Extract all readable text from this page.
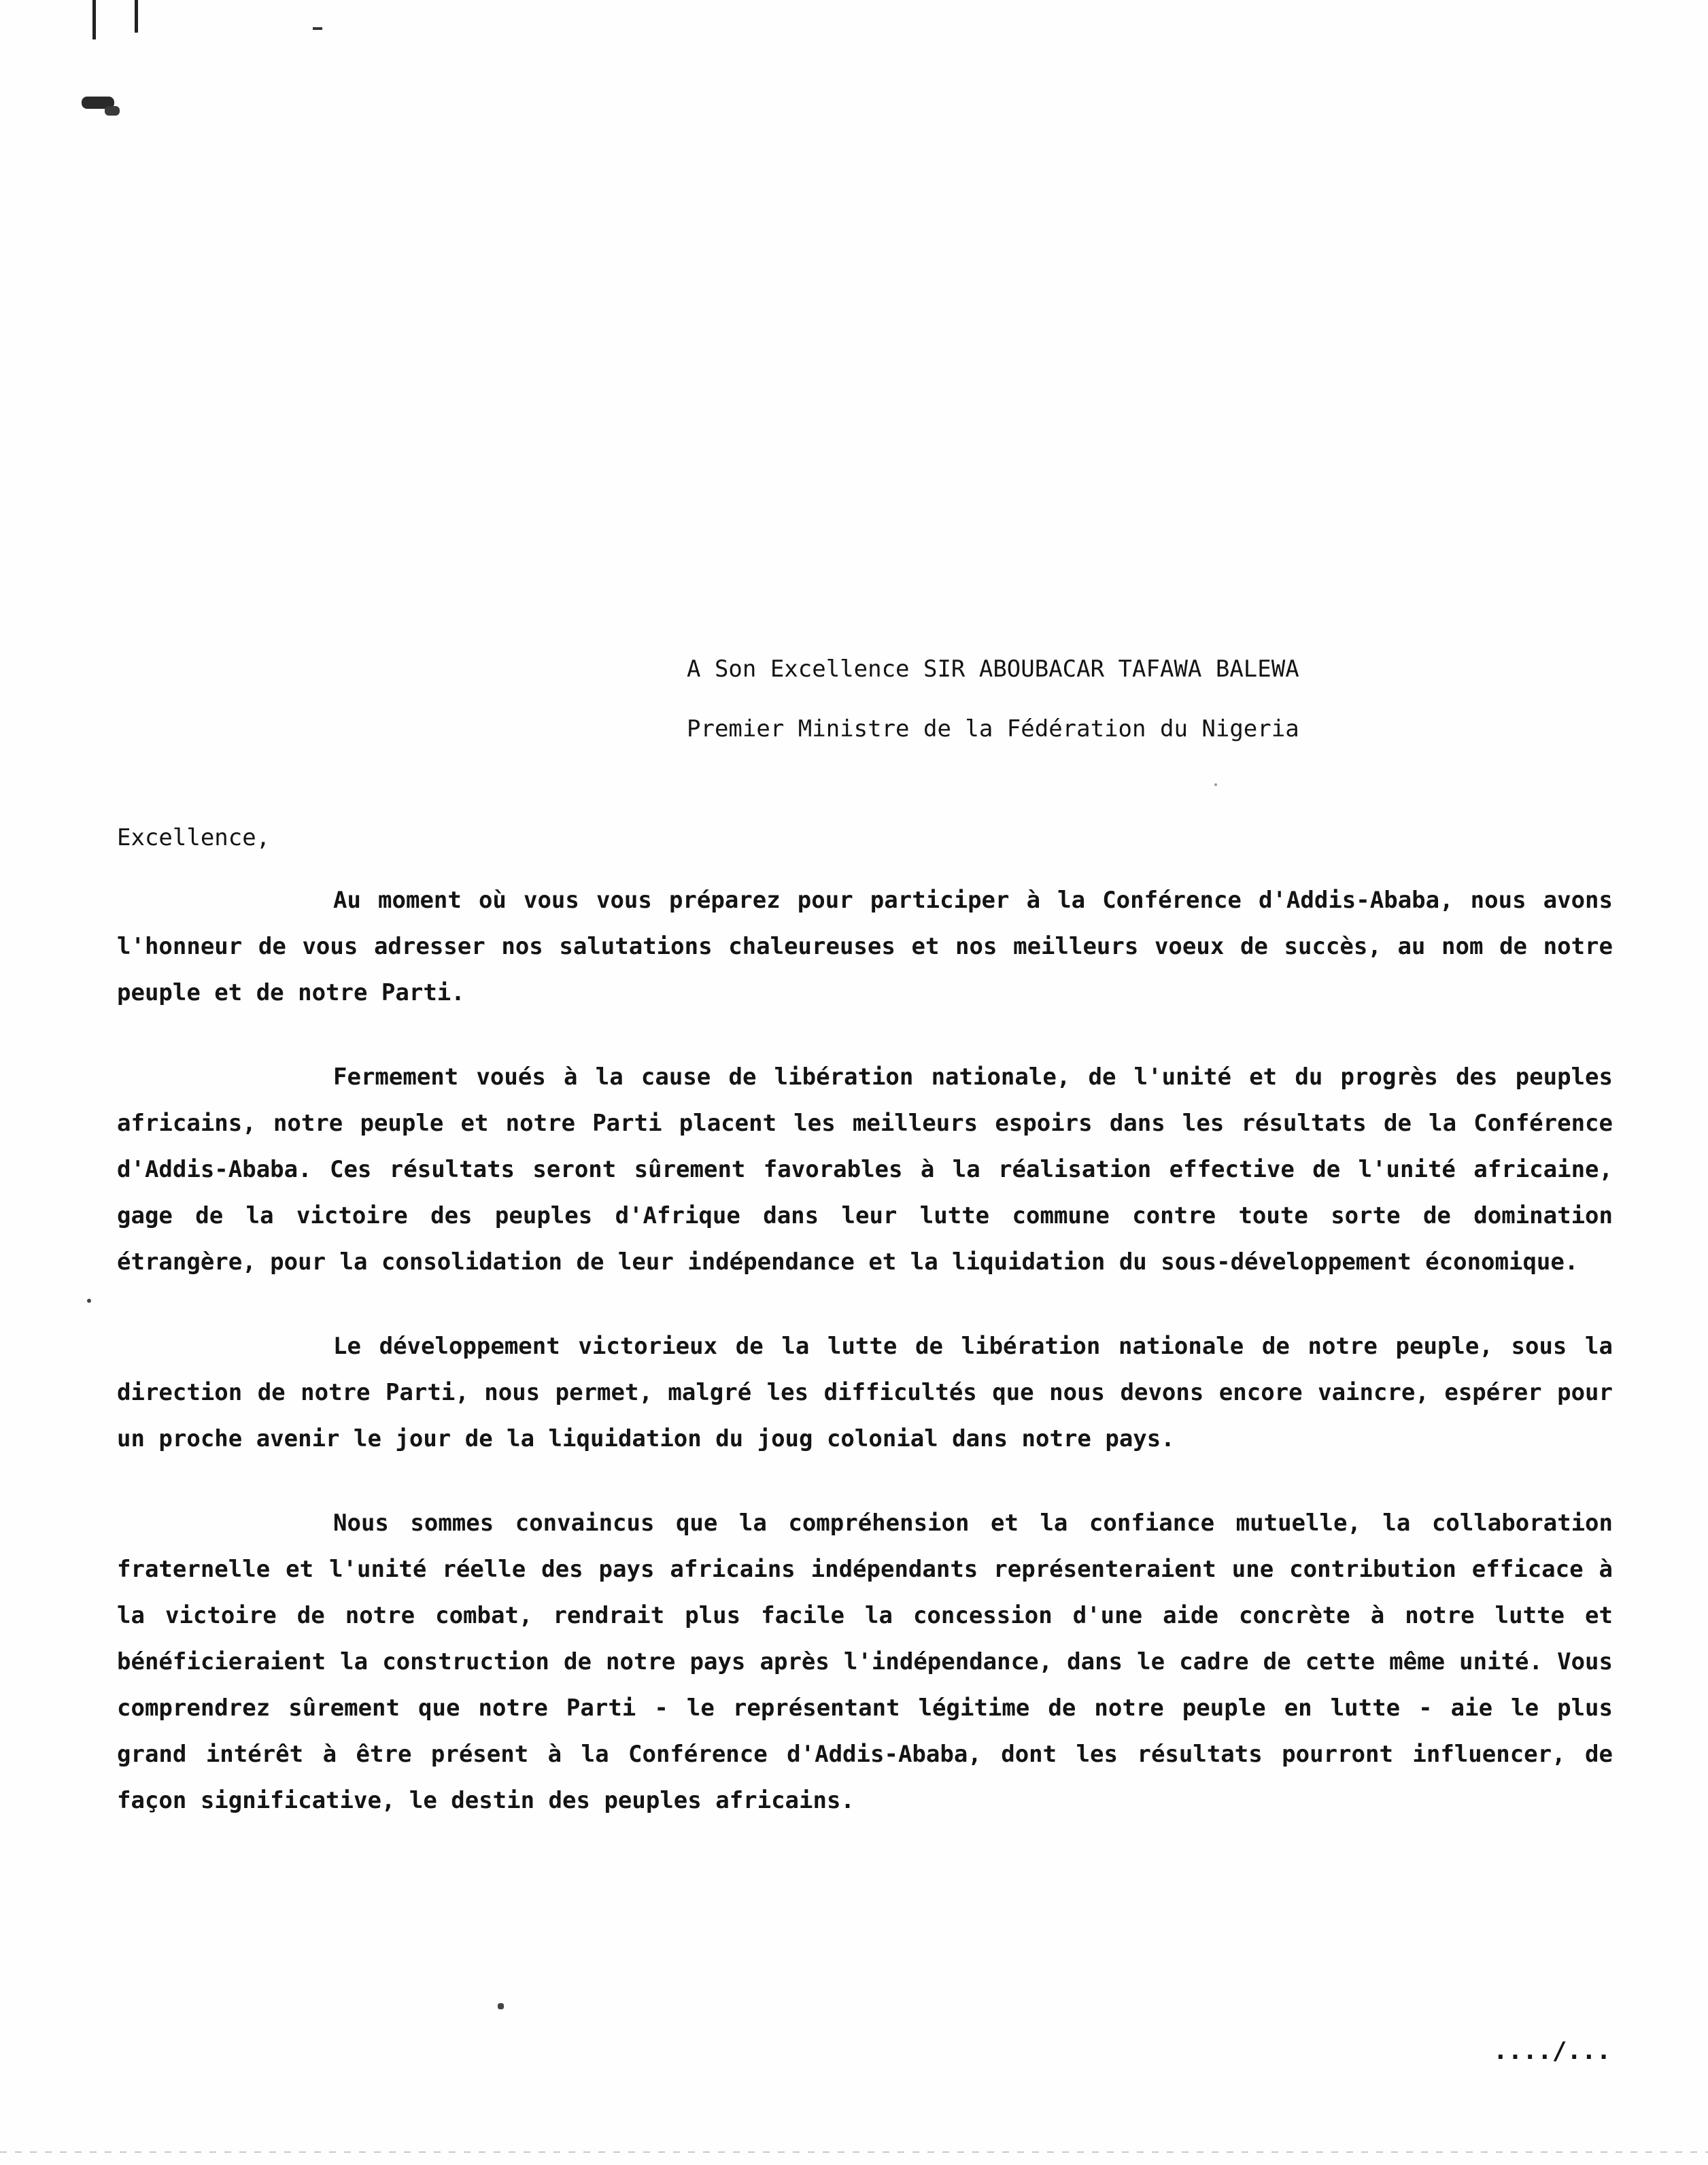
A Son Excellence SIR ABOUBACAR TAFAWA BALEWA
Premier Ministre de la Fédération du Nigeria
Excellence,

Au moment où vous vous préparez pour participer à la Conférence d'Addis-Ababa, nous avons l'honneur de vous adresser nos salutations chaleureuses et nos meilleurs voeux de succès, au nom de notre peuple et de notre Parti.

Fermement voués à la cause de libération nationale, de l'unité et du progrès des peuples africains, notre peuple et notre Parti placent les meilleurs espoirs dans les résultats de la Conférence d'Addis-Ababa. Ces résultats seront sûrement favorables à la réalisation effective de l'unité africaine, gage de la victoire des peuples d'Afrique dans leur lutte commune contre toute sorte de domination étrangère, pour la consolidation de leur indépendance et la liquidation du sous-développement économique.

Le développement victorieux de la lutte de libération nationale de notre peuple, sous la direction de notre Parti, nous permet, malgré les difficultés que nous devons encore vaincre, espérer pour un proche avenir le jour de la liquidation du joug colonial dans notre pays.

Nous sommes convaincus que la compréhension et la confiance mutuelle, la collaboration fraternelle et l'unité réelle des pays africains indépendants représenteraient une contribution efficace à la victoire de notre combat, rendrait plus facile la concession d'une aide concrète à notre lutte et bénéficieraient la construction de notre pays après l'indépendance, dans le cadre de cette même unité. Vous comprendrez sûrement que notre Parti - le représentant légitime de notre peuple en lutte - aie le plus grand intérêt à être présent à la Conférence d'Addis-Ababa, dont les résultats pourront influencer, de façon significative, le destin des peuples africains.

..../...
